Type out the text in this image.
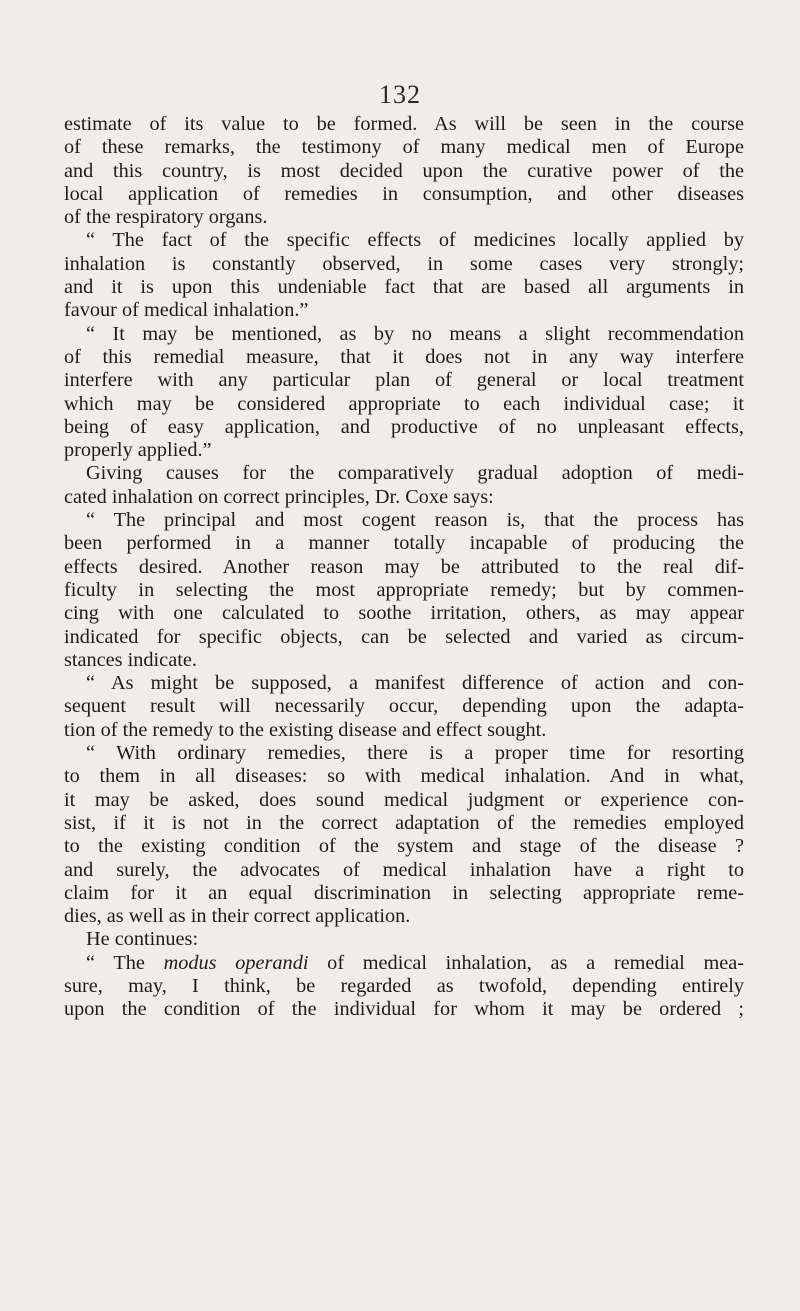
132
estimate of its value to be formed. As will be seen in the course
of these remarks, the testimony of many medical men of Europe
and this country, is most decided upon the curative power of the
local application of remedies in consumption, and other diseases
of the respiratory organs.
“ The fact of the specific effects of medicines locally applied by
inhalation is constantly observed, in some cases very strongly;
and it is upon this undeniable fact that are based all arguments in
favour of medical inhalation.”
“ It may be mentioned, as by no means a slight recommendation
of this remedial measure, that it does not in any way interfere
interfere with any particular plan of general or local treatment
which may be considered appropriate to each individual case; it
being of easy application, and productive of no unpleasant effects,
properly applied.”
Giving causes for the comparatively gradual adoption of medi-
cated inhalation on correct principles, Dr. Coxe says:
“ The principal and most cogent reason is, that the process has
been performed in a manner totally incapable of producing the
effects desired. Another reason may be attributed to the real dif-
ficulty in selecting the most appropriate remedy; but by commen-
cing with one calculated to soothe irritation, others, as may appear
indicated for specific objects, can be selected and varied as circum-
stances indicate.
“ As might be supposed, a manifest difference of action and con-
sequent result will necessarily occur, depending upon the adapta-
tion of the remedy to the existing disease and effect sought.
“ With ordinary remedies, there is a proper time for resorting
to them in all diseases: so with medical inhalation. And in what,
it may be asked, does sound medical judgment or experience con-
sist, if it is not in the correct adaptation of the remedies employed
to the existing condition of the system and stage of the disease ?
and surely, the advocates of medical inhalation have a right to
claim for it an equal discrimination in selecting appropriate reme-
dies, as well as in their correct application.
He continues:
“ The modus operandi of medical inhalation, as a remedial mea-
sure, may, I think, be regarded as twofold, depending entirely
upon the condition of the individual for whom it may be ordered ;
